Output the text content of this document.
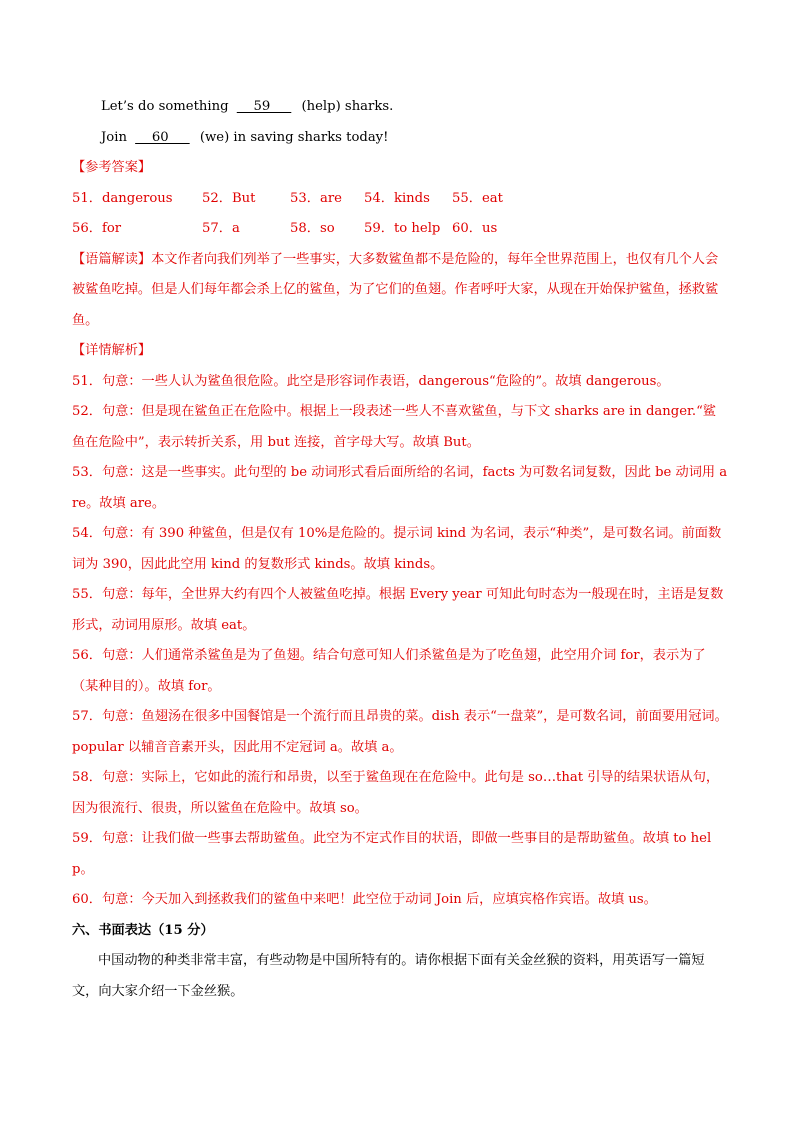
Let’s do something     59      (help) sharks.
Join     60      (we) in saving sharks today!
【参考答案】
51．dangerous 52．But	53．are 54．kinds 55．eat
56．for	57．a	58．so 59．to help 60．us
【语篇解读】本文作者向我们列举了一些事实，大多数鲨鱼都不是危险的，每年全世界范围上，也仅有几个人会被鲨鱼吃掉。但是人们每年都会杀上亿的鲨鱼，为了它们的鱼翅。作者呼吁大家，从现在开始保护鲨鱼，拯救鲨鱼。
【详情解析】
51．句意：一些人认为鲨鱼很危险。此空是形容词作表语，dangerous“危险的”。故填 dangerous。
52．句意：但是现在鲨鱼正在危险中。根据上一段表述一些人不喜欢鲨鱼，与下文 sharks are in danger.“鲨鱼在危险中”，表示转折关系，用 but 连接，首字母大写。故填 But。
53．句意：这是一些事实。此句型的 be 动词形式看后面所给的名词，facts 为可数名词复数，因此 be 动词用 are。故填 are。
54．句意：有 390 种鲨鱼，但是仅有 10%是危险的。提示词 kind 为名词，表示“种类”，是可数名词。前面数词为 390，因此此空用 kind 的复数形式 kinds。故填 kinds。
55．句意：每年，全世界大约有四个人被鲨鱼吃掉。根据 Every year 可知此句时态为一般现在时，主语是复数形式，动词用原形。故填 eat。
56．句意：人们通常杀鲨鱼是为了鱼翅。结合句意可知人们杀鲨鱼是为了吃鱼翅，此空用介词 for，表示为了（某种目的）。故填 for。
57．句意：鱼翅汤在很多中国餐馆是一个流行而且昂贵的菜。dish 表示“一盘菜”，是可数名词，前面要用冠词。popular 以辅音音素开头，因此用不定冠词 a。故填 a。
58．句意：实际上，它如此的流行和昂贵，以至于鲨鱼现在在危险中。此句是 so…that 引导的结果状语从句，因为很流行、很贵，所以鲨鱼在危险中。故填 so。
59．句意：让我们做一些事去帮助鲨鱼。此空为不定式作目的状语，即做一些事目的是帮助鲨鱼。故填 to help。
60．句意：今天加入到拯救我们的鲨鱼中来吧！此空位于动词 Join 后，应填宾格作宾语。故填 us。
六、书面表达（15 分）
中国动物的种类非常丰富，有些动物是中国所特有的。请你根据下面有关金丝猴的资料，用英语写一篇短文，向大家介绍一下金丝猴。
